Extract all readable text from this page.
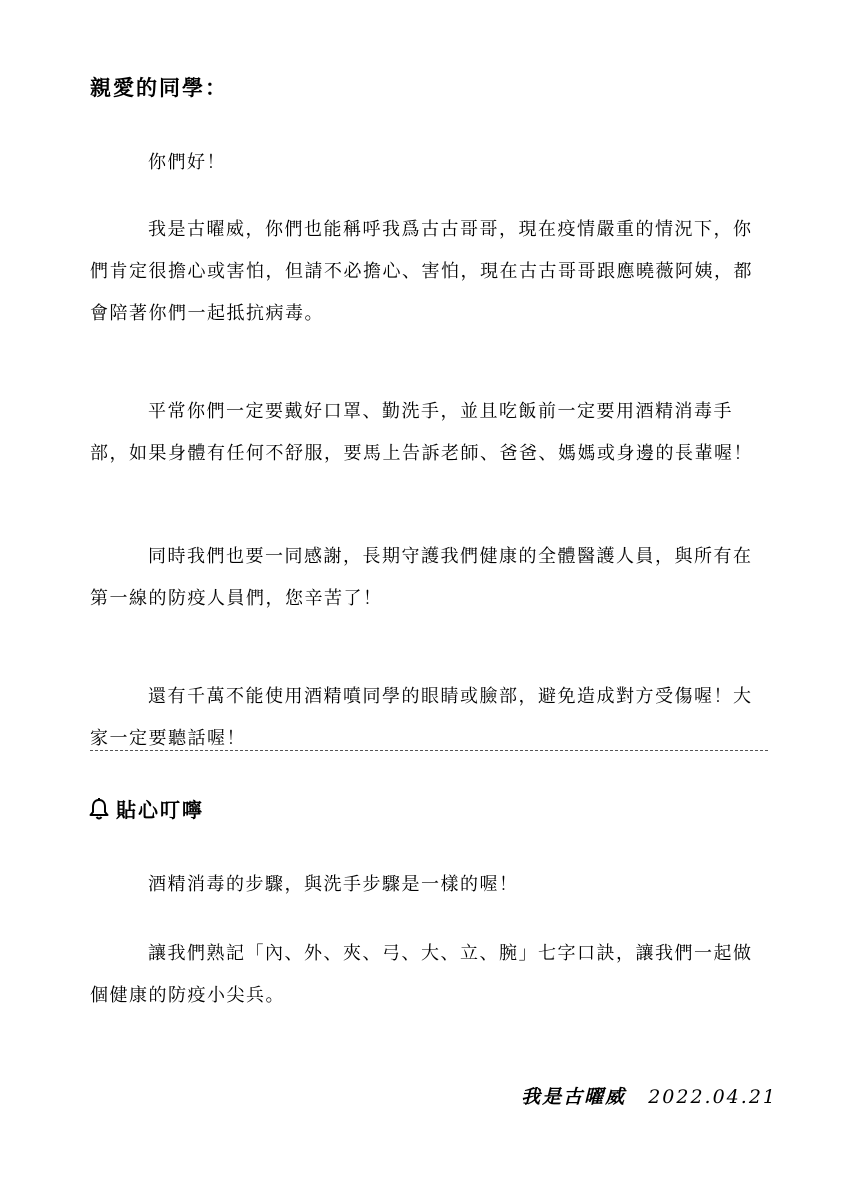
親愛的同學：

你們好！

我是古曜威，你們也能稱呼我爲古古哥哥，現在疫情嚴重的情況下，你們肯定很擔心或害怕，但請不必擔心、害怕，現在古古哥哥跟應曉薇阿姨，都會陪著你們一起抵抗病毒。

平常你們一定要戴好口罩、勤洗手，並且吃飯前一定要用酒精消毒手部，如果身體有任何不舒服，要馬上告訴老師、爸爸、媽媽或身邊的長輩喔！

同時我們也要一同感謝，長期守護我們健康的全體醫護人員，與所有在第一線的防疫人員們，您辛苦了！

還有千萬不能使用酒精噴同學的眼睛或臉部，避免造成對方受傷喔！大家一定要聽話喔！

貼心叮嚀

酒精消毒的步驟，與洗手步驟是一樣的喔！

讓我們熟記「內、外、夾、弓、大、立、腕」七字口訣，讓我們一起做個健康的防疫小尖兵。

我是古曜威 2022.04.21
